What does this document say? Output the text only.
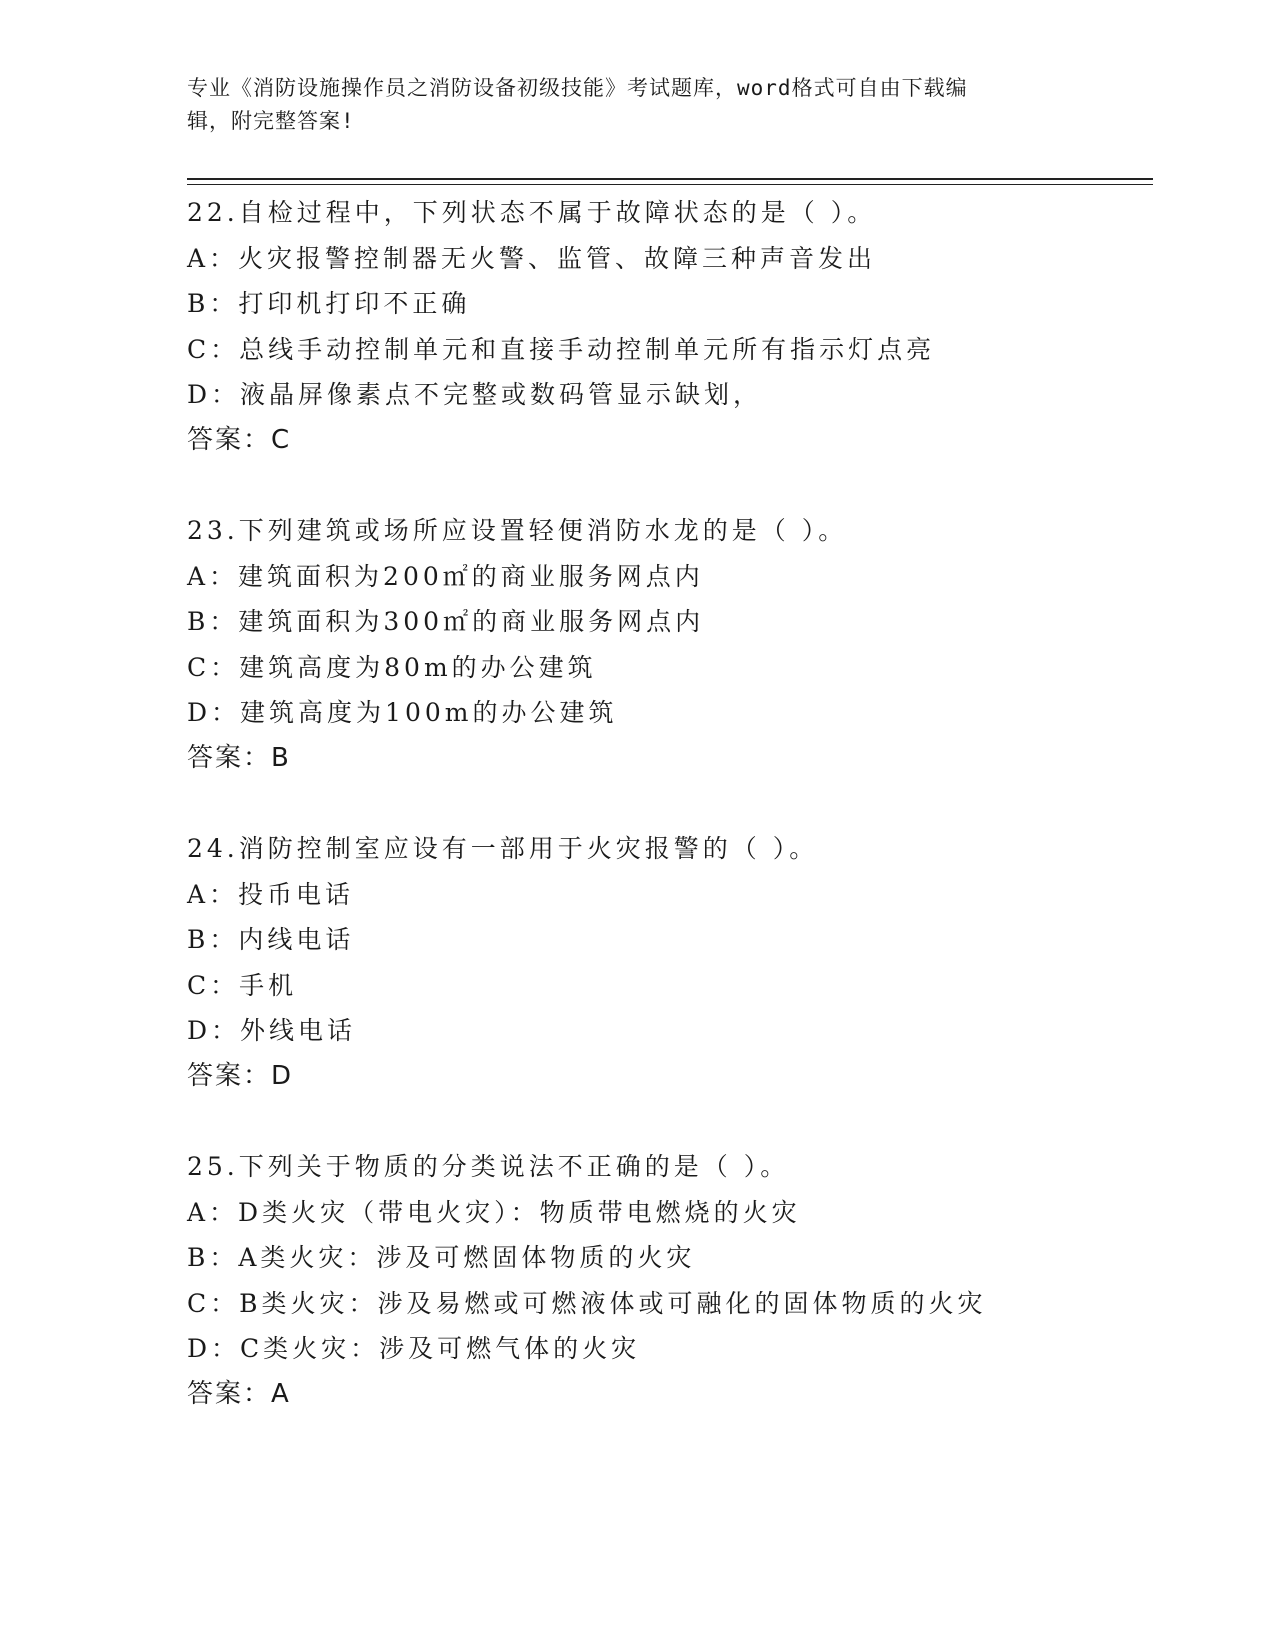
专业《消防设施操作员之消防设备初级技能》考试题库，word格式可自由下载编
辑，附完整答案!
22.自检过程中，下列状态不属于故障状态的是（ ）。
A：火灾报警控制器无火警、监管、故障三种声音发出
B：打印机打印不正确
C：总线手动控制单元和直接手动控制单元所有指示灯点亮
D：液晶屏像素点不完整或数码管显示缺划，
答案：C
23.下列建筑或场所应设置轻便消防水龙的是（ ）。
A：建筑面积为200㎡的商业服务网点内
B：建筑面积为300㎡的商业服务网点内
C：建筑高度为80m的办公建筑
D：建筑高度为100m的办公建筑
答案：B
24.消防控制室应设有一部用于火灾报警的（ ）。
A：投币电话
B：内线电话
C：手机
D：外线电话
答案：D
25.下列关于物质的分类说法不正确的是（ ）。
A：D类火灾（带电火灾）：物质带电燃烧的火灾
B：A类火灾：涉及可燃固体物质的火灾
C：B类火灾：涉及易燃或可燃液体或可融化的固体物质的火灾
D：C类火灾：涉及可燃气体的火灾
答案：A
